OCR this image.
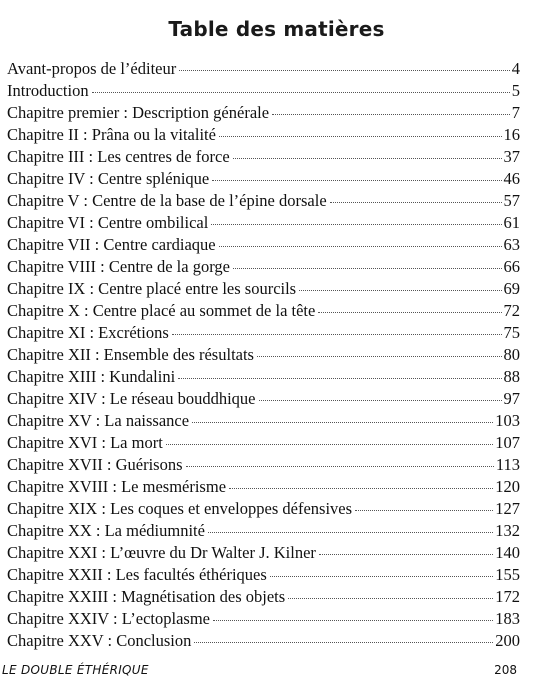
Table des matières
Avant-propos de l’éditeur	4
Introduction	5
Chapitre premier : Description générale	7
Chapitre II : Prâna ou la vitalité	16
Chapitre III : Les centres de force	37
Chapitre IV : Centre splénique	46
Chapitre V : Centre de la base de l’épine dorsale	57
Chapitre VI : Centre ombilical	61
Chapitre VII : Centre cardiaque	63
Chapitre VIII : Centre de la gorge	66
Chapitre IX : Centre placé entre les sourcils	69
Chapitre X : Centre placé au sommet de la tête	72
Chapitre XI : Excrétions	75
Chapitre XII : Ensemble des résultats	80
Chapitre XIII : Kundalini	88
Chapitre XIV : Le réseau bouddhique	97
Chapitre XV : La naissance	103
Chapitre XVI : La mort	107
Chapitre XVII : Guérisons	113
Chapitre XVIII : Le mesmérisme	120
Chapitre XIX : Les coques et enveloppes défensives	127
Chapitre XX : La médiumnité	132
Chapitre XXI : L’œuvre du Dr Walter J. Kilner	140
Chapitre XXII : Les facultés éthériques	155
Chapitre XXIII : Magnétisation des objets	172
Chapitre XXIV : L’ectoplasme	183
Chapitre XXV : Conclusion	200
LE DOUBLE ÉTHÉRIQUE	208
